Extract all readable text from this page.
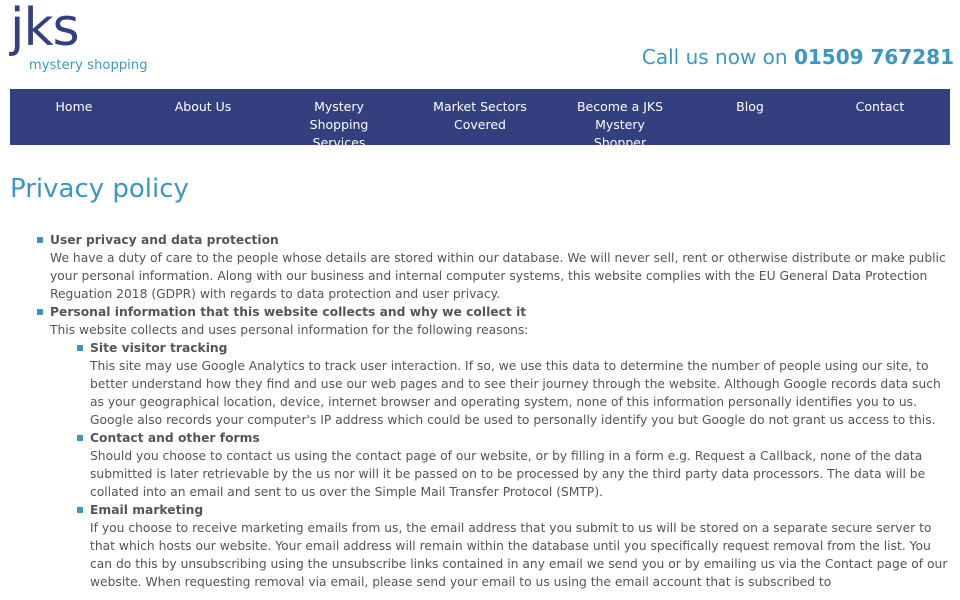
jks
mystery shopping	Call us now on 01509 767281
Home	About Us	Mystery Shopping Services
Market Sectors Covered
Become a JKS Mystery Shopper
Blog	Contact
Privacy policy
User privacy and data protection

We have a duty of care to the people whose details are stored within our database. We will never sell, rent or otherwise distribute or make public your personal information. Along with our business and internal computer systems, this website complies with the EU General Data Protection Reguation 2018 (GDPR) with regards to data protection and user privacy.

Personal information that this website collects and why we collect it

This website collects and uses personal information for the following reasons:

Site visitor tracking

This site may use Google Analytics to track user interaction. If so, we use this data to determine the number of people using our site, to better understand how they find and use our web pages and to see their journey through the website. Although Google records data such as your geographical location, device, internet browser and operating system, none of this information personally identifies you to us. Google also records your computer's IP address which could be used to personally identify you but Google do not grant us access to this.

Contact and other forms

Should you choose to contact us using the contact page of our website, or by filling in a form e.g. Request a Callback, none of the data submitted is later retrievable by the us nor will it be passed on to be processed by any the third party data processors. The data will be collated into an email and sent to us over the Simple Mail Transfer Protocol (SMTP).

Email marketing

If you choose to receive marketing emails from us, the email address that you submit to us will be stored on a separate secure server to that which hosts our website. Your email address will remain within the database until you specifically request removal from the list. You can do this by unsubscribing using the unsubscribe links contained in any email we send you or by emailing us via the Contact page of our website. When requesting removal via email, please send your email to us using the email account that is subscribed to
